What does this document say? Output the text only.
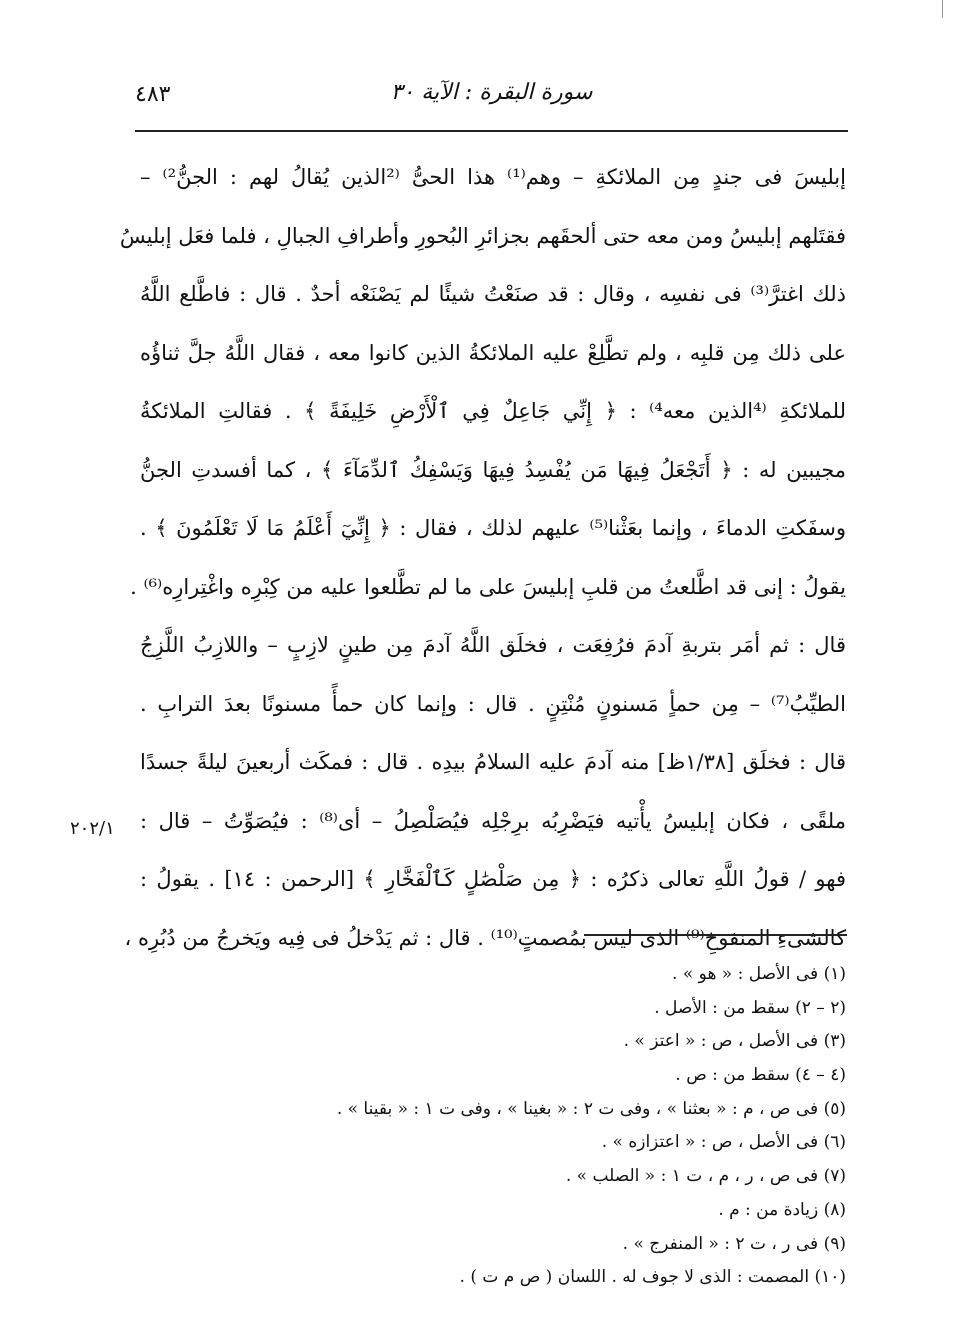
سورة البقرة : الآية ٣٠
٤٨٣
إبليسَ فى جندٍ مِن الملائكةِ – وهم⁽¹⁾ هذا الحىُّ ⁽²الذين يُقالُ لهم : الجنُّ²⁾ –
فقتَلهم إبليسُ ومن معه حتى ألحقَهم بجزائرِ البُحورِ وأطرافِ الجبالِ ، فلما فعَل إبليسُ
ذلك اغترَّ⁽³⁾ فى نفسِه ، وقال : قد صنَعْتُ شيئًا لم يَصْنَعْه أحدٌ . قال : فاطَّلع اللَّهُ
على ذلك مِن قلبِه ، ولم تطَّلِعْ عليه الملائكةُ الذين كانوا معه ، فقال اللَّهُ جلَّ ثناؤُه
للملائكةِ ⁽⁴الذين معه⁴⁾ : ﴿ إِنِّي جَاعِلٌ فِي ٱلْأَرْضِ خَلِيفَةً ﴾ . فقالتِ الملائكةُ
مجيبين له : ﴿ أَتَجْعَلُ فِيهَا مَن يُفْسِدُ فِيهَا وَيَسْفِكُ ٱلدِّمَآءَ ﴾ ، كما أفسدتِ الجنُّ
وسفَكتِ الدماءَ ، وإنما بعَثْنا⁽⁵⁾ عليهم لذلك ، فقال : ﴿ إِنِّيٓ أَعْلَمُ مَا لَا تَعْلَمُونَ ﴾ .
يقولُ : إنى قد اطَّلعتُ من قلبِ إبليسَ على ما لم تطَّلعوا عليه من كِبْرِه واغْتِرارِه⁽⁶⁾ .
قال : ثم أمَر بتربةِ آدمَ فرُفِعَت ، فخلَق اللَّهُ آدمَ مِن طينٍ لازِبٍ – واللازِبُ اللَّزِجُ
الطيِّبُ⁽⁷⁾ – مِن حمأٍ مَسنونٍ مُنْتِنٍ . قال : وإنما كان حمأً مسنونًا بعدَ الترابِ .
قال : فخلَق [١/٣٨ظ] منه آدمَ عليه السلامُ بيدِه . قال : فمكَث أربعينَ ليلةً جسدًا
ملقًى ، فكان إبليسُ يأْتيه فيَضْرِبُه برِجْلِه فيُصَلْصِلُ – أى⁽⁸⁾ : فيُصَوِّتُ – قال :
فهو / قولُ اللَّهِ تعالى ذكرُه : ﴿ مِن صَلْصَٰلٍ كَٱلْفَخَّارِ ﴾ [الرحمن : ١٤] . يقولُ :
كالشىءِ المنفوخِ⁽⁹⁾ الذى ليس بمُصمتٍ⁽¹⁰⁾ . قال : ثم يَدْخلُ فى فِيه ويَخرجُ من دُبُرِه ،
٢٠٢/١
(١) فى الأصل : « هو » .
(٢ – ٢) سقط من : الأصل .
(٣) فى الأصل ، ص : « اعتز » .
(٤ – ٤) سقط من : ص .
(٥) فى ص ، م : « بعثنا » ، وفى ت ٢ : « بغينا » ، وفى ت ١ : « بقينا » .
(٦) فى الأصل ، ص : « اعتزازه » .
(٧) فى ص ، ر ، م ، ت ١ : « الصلب » .
(٨) زيادة من : م .
(٩) فى ر ، ت ٢ : « المنفرج » .
(١٠) المصمت : الذى لا جوف له . اللسان ( ص م ت ) .
